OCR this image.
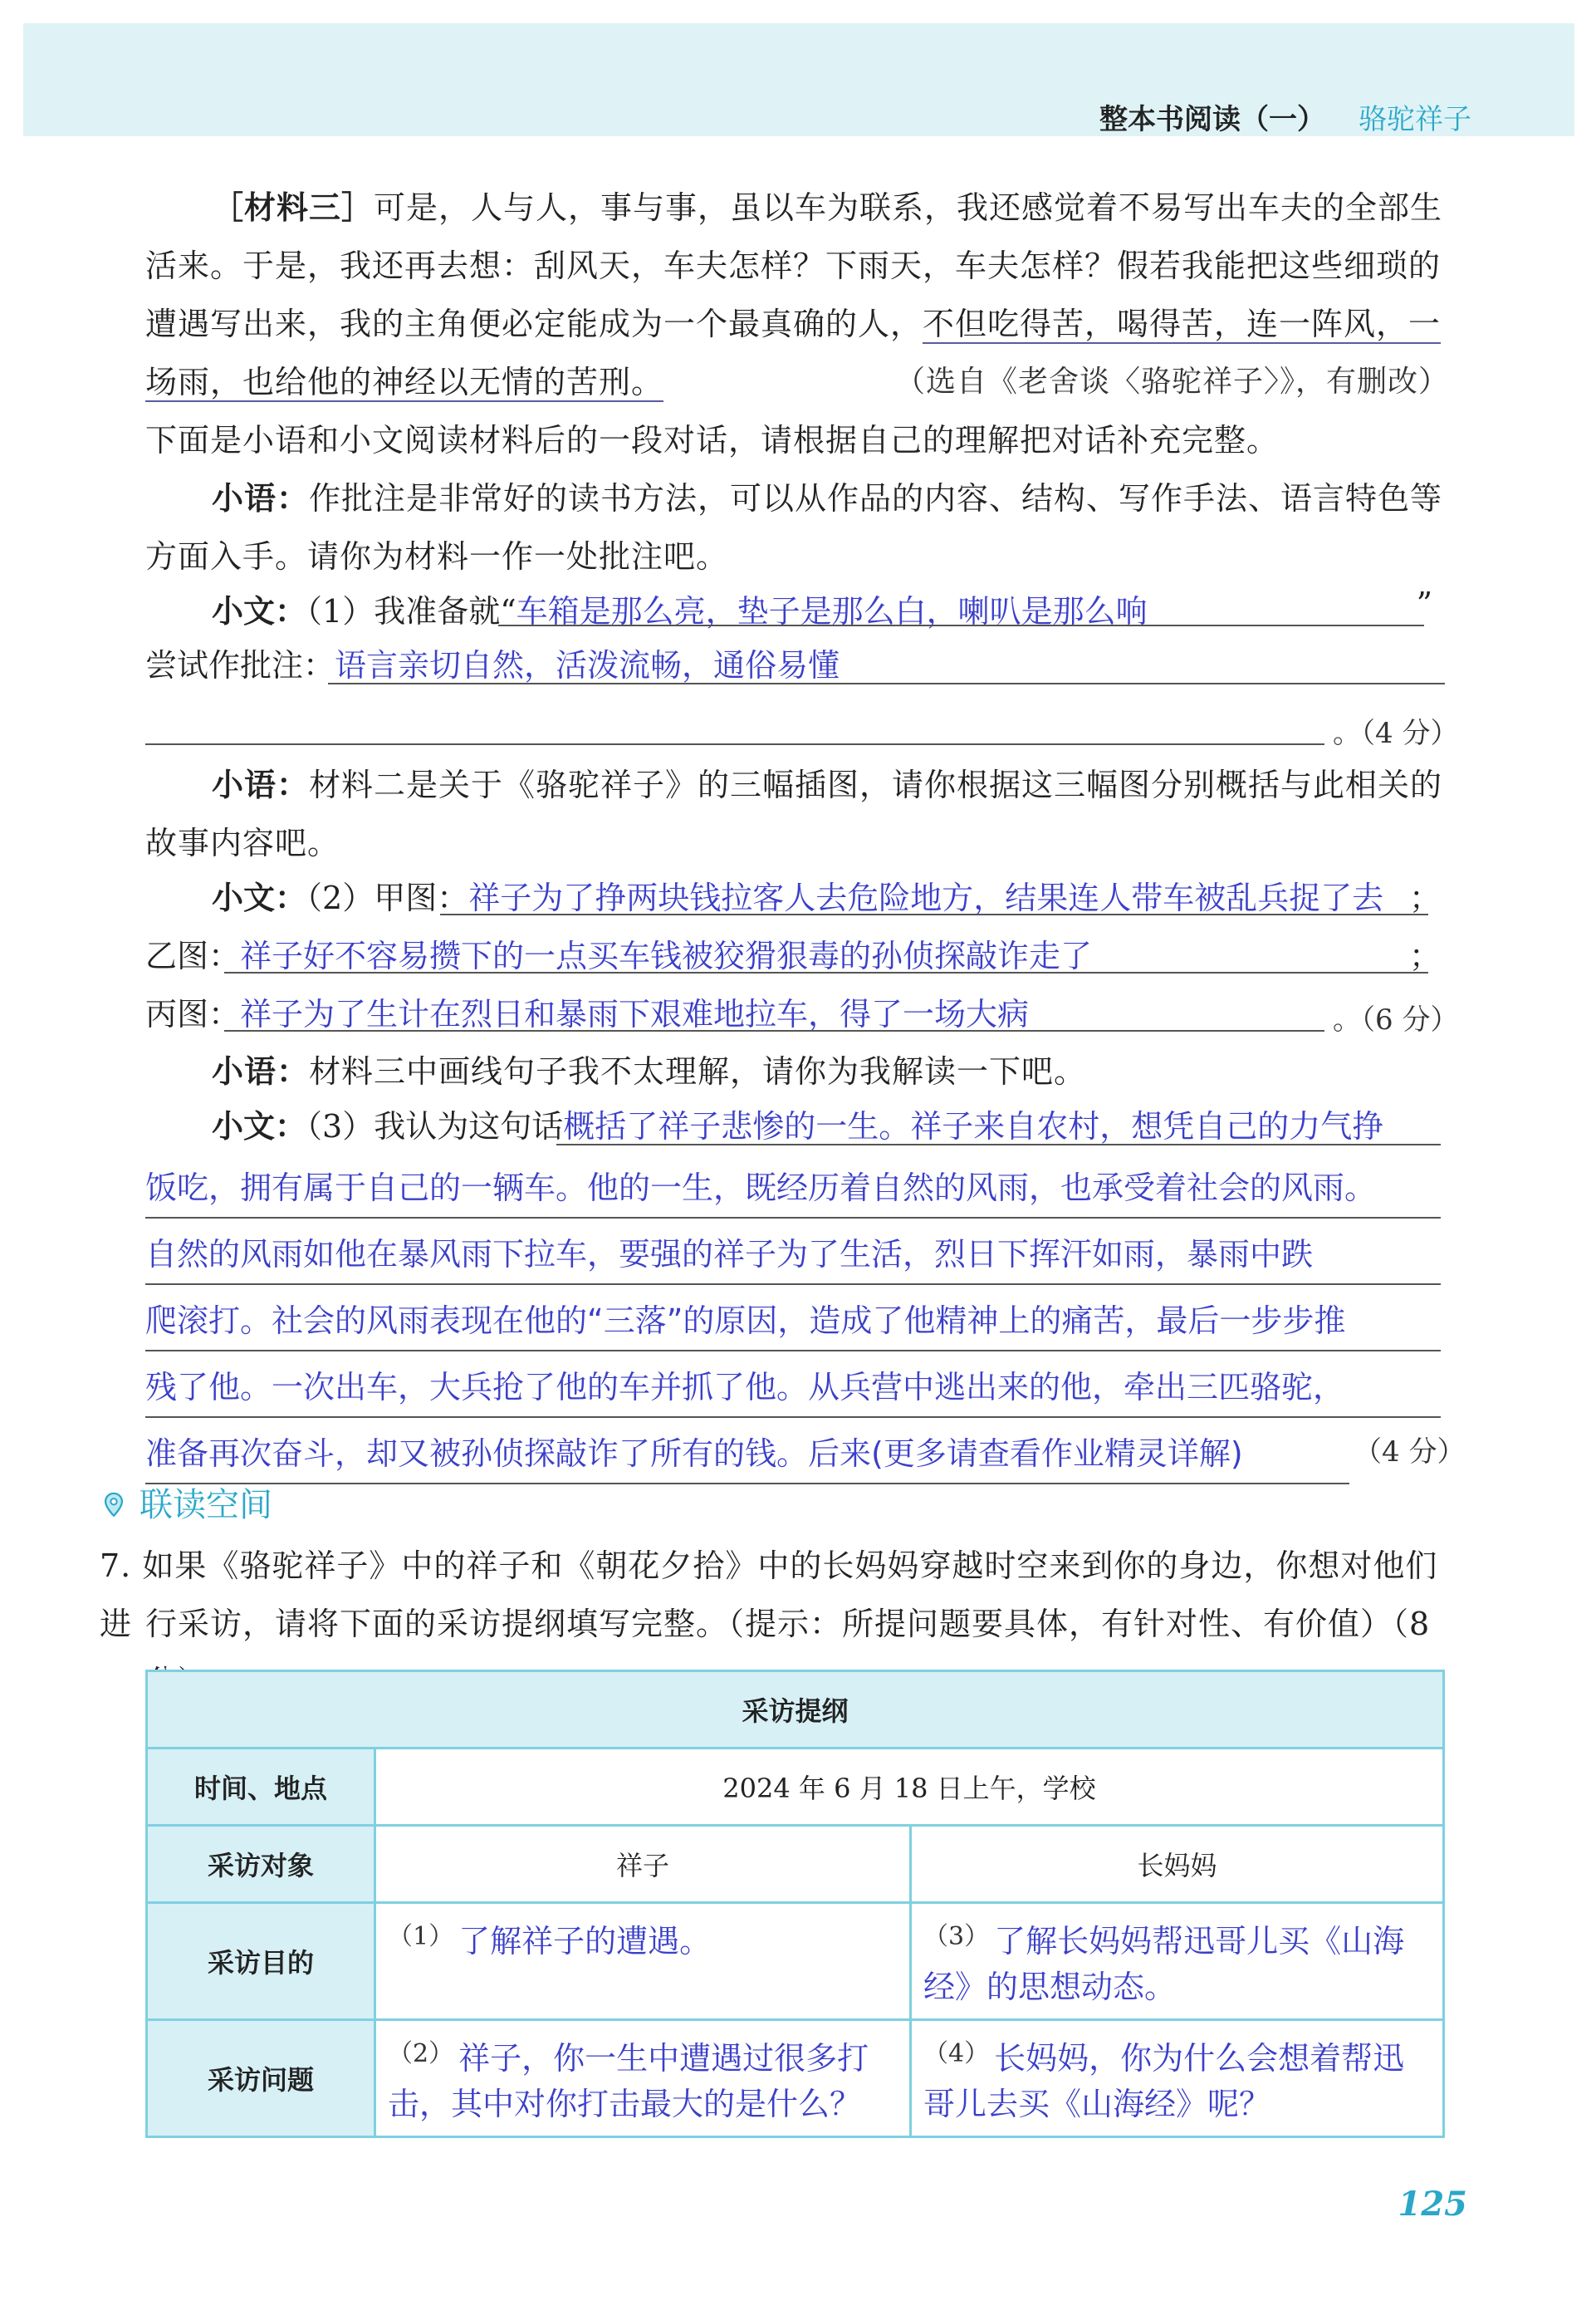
整本书阅读（一） 骆驼祥子
［材料三］可是，人与人，事与事，虽以车为联系，我还感觉着不易写出车夫的全部生活来。于是，我还再去想：刮风天，车夫怎样？下雨天，车夫怎样？假若我能把这些细琐的遭遇写出来，我的主角便必定能成为一个最真确的人，不但吃得苦，喝得苦，连一阵风，一场雨，也给他的神经以无情的苦刑。	（选自《老舍谈〈骆驼祥子〉》，有删改）
下面是小语和小文阅读材料后的一段对话，请根据自己的理解把对话补充完整。
小语：作批注是非常好的读书方法，可以从作品的内容、结构、写作手法、语言特色等方面入手。请你为材料一作一处批注吧。
小文：（1）我准备就“车箱是那么亮，垫子是那么白，喇叭是那么响	”
尝试作批注：语言亲切自然，活泼流畅，通俗易懂
。（4 分）
小语：材料二是关于《骆驼祥子》的三幅插图，请你根据这三幅图分别概括与此相关的故事内容吧。
小文：（2）甲图：祥子为了挣两块钱拉客人去危险地方，结果连人带车被乱兵捉了去 ；
乙图：祥子好不容易攒下的一点买车钱被狡猾狠毒的孙侦探敲诈走了	；
丙图：祥子为了生计在烈日和暴雨下艰难地拉车，得了一场大病	。（6 分）
小语：材料三中画线句子我不太理解，请你为我解读一下吧。
小文：（3）我认为这句话概括了祥子悲惨的一生。祥子来自农村，想凭自己的力气挣
饭吃，拥有属于自己的一辆车。他的一生，既经历着自然的风雨，也承受着社会的风雨。
自然的风雨如他在暴风雨下拉车，要强的祥子为了生活，烈日下挥汗如雨，暴雨中跌
爬滚打。社会的风雨表现在他的“三落”的原因，造成了他精神上的痛苦，最后一步步推
残了他。一次出车，大兵抢了他的车并抓了他。从兵营中逃出来的他，牵出三匹骆驼，
准备再次奋斗，却又被孙侦探敲诈了所有的钱。后来(更多请查看作业精灵详解)	（4 分）
联读空间
7. 如果《骆驼祥子》中的祥子和《朝花夕拾》中的长妈妈穿越时空来到你的身边，你想对他们进 行采访，请将下面的采访提纲填写完整。（提示：所提问题要具体，有针对性、有价值）（8
采访提纲		
时间、地点	2024 年 6 月 18 日上午，学校	
采访对象	祥子	长妈妈
采访目的	（1） 了解祥子的遭遇。	（3） 了解长妈妈帮迅哥儿买《山海经》的思想动态。
采访问题	（2） 祥子，你一生中遭遇过很多打击，其中对你打击最大的是什么？	（4） 长妈妈，你为什么会想着帮迅哥儿去买《山海经》呢？
125
